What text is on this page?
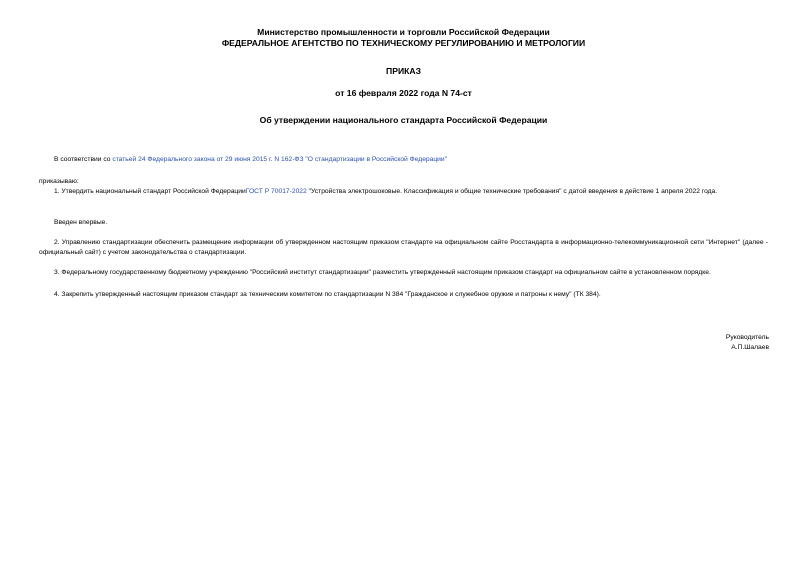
Министерство промышленности и торговли Российской Федерации
ФЕДЕРАЛЬНОЕ АГЕНТСТВО ПО ТЕХНИЧЕСКОМУ РЕГУЛИРОВАНИЮ И МЕТРОЛОГИИ
ПРИКАЗ
от 16 февраля 2022 года N 74-ст
Об утверждении национального стандарта Российской Федерации
В соответствии со статьей 24 Федерального закона от 29 июня 2015 г. N 162-ФЗ "О стандартизации в Российской Федерации"
приказываю:
1. Утвердить национальный стандарт Российской ФедерацииГОСТ Р 70017-2022 "Устройства электрошоковые. Классификация и общие технические требования" с датой введения в действие 1 апреля 2022 года.
Введен впервые.
2. Управлению стандартизации обеспечить размещение информации об утвержденном настоящим приказом стандарте на официальном сайте Росстандарта в информационно-телекоммуникационной сети "Интернет" (далее - официальный сайт) с учетом законодательства о стандартизации.
3. Федеральному государственному бюджетному учреждению "Российский институт стандартизации" разместить утвержденный настоящим приказом стандарт на официальном сайте в установленном порядке.
4. Закрепить утвержденный настоящим приказом стандарт за техническим комитетом по стандартизации N 384 "Гражданское и служебное оружие и патроны к нему" (ТК 384).
Руководитель
А.П.Шалаев
